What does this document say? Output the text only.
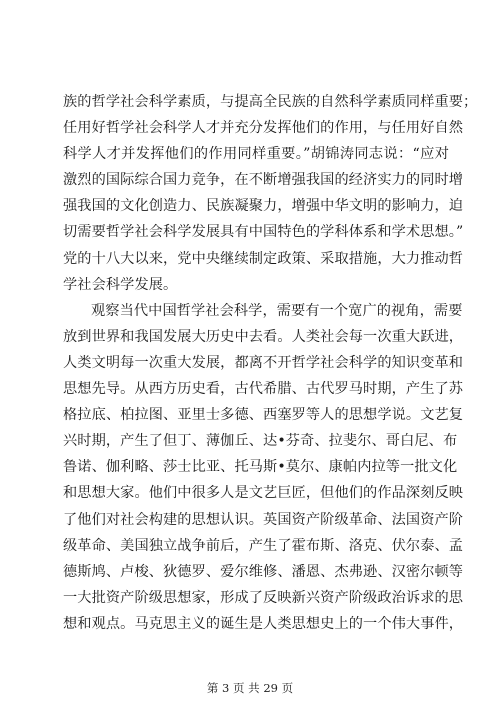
族的哲学社会科学素质，与提高全民族的自然科学素质同样重要；
任用好哲学社会科学人才并充分发挥他们的作用，与任用好自然
科学人才并发挥他们的作用同样重要。”胡锦涛同志说：“应对
激烈的国际综合国力竞争，在不断增强我国的经济实力的同时增
强我国的文化创造力、民族凝聚力，增强中华文明的影响力，迫
切需要哲学社会科学发展具有中国特色的学科体系和学术思想。”
党的十八大以来，党中央继续制定政策、采取措施，大力推动哲
学社会科学发展。
观察当代中国哲学社会科学，需要有一个宽广的视角，需要
放到世界和我国发展大历史中去看。人类社会每一次重大跃进，
人类文明每一次重大发展，都离不开哲学社会科学的知识变革和
思想先导。从西方历史看，古代希腊、古代罗马时期，产生了苏
格拉底、柏拉图、亚里士多德、西塞罗等人的思想学说。文艺复
兴时期，产生了但丁、薄伽丘、达•芬奇、拉斐尔、哥白尼、布
鲁诺、伽利略、莎士比亚、托马斯•莫尔、康帕内拉等一批文化
和思想大家。他们中很多人是文艺巨匠，但他们的作品深刻反映
了他们对社会构建的思想认识。英国资产阶级革命、法国资产阶
级革命、美国独立战争前后，产生了霍布斯、洛克、伏尔泰、孟
德斯鸠、卢梭、狄德罗、爱尔维修、潘恩、杰弗逊、汉密尔顿等
一大批资产阶级思想家，形成了反映新兴资产阶级政治诉求的思
想和观点。马克思主义的诞生是人类思想史上的一个伟大事件，
第 3 页 共 29 页
